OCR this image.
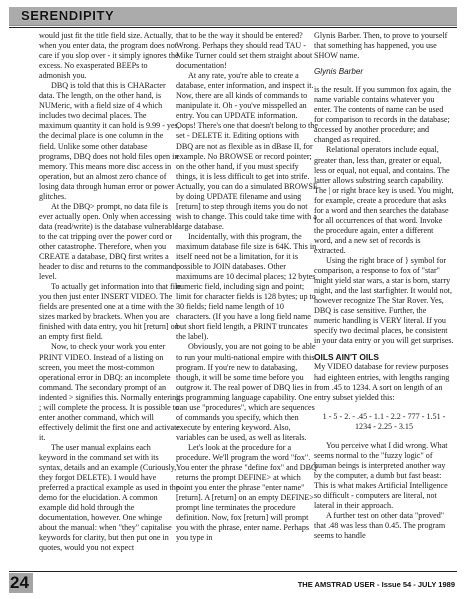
SERENDIPITY

would just fit the title field size. Actually, when you enter data, the program does not care if you slop over - it simply ignores the excess. No exasperated BEEPs to admonish you.

DBQ is told that this is CHARacter data. The length, on the other hand, is NUMeric, with a field size of 4 which includes two decimal places. The maximum quantity it can hold is 9.99 - yes, the decimal place is one column in the field. Unlike some other database programs, DBQ does not hold files open in memory. This means more disc access in operation, but an almost zero chance of losing data through human error or power glitches.

At the DBQ> prompt, no data file is ever actually open. Only when accessing data (read/write) is the database vulnerable to the cat tripping over the power cord or other catastrophe. Therefore, when you CREATE a database, DBQ first writes a header to disc and returns to the command level.

To actually get information into that file you then just enter INSERT VIDEO. The fields are presented one at a time with the sizes marked by brackets. When you are finished with data entry, you hit [return] on an empty first field.

Now, to check your work you enter PRINT VIDEO. Instead of a listing on screen, you meet the most-common operational error in DBQ: an incomplete command. The secondary prompt of an indented > signifies this. Normally entering ; will complete the process. It is possible to enter another command, which will effectively delimit the first one and activate it.

The user manual explains each keyword in the command set with its syntax, details and an example (Curiously, they forgot DELETE). I would have preferred a practical example as used in the demo for the elucidation. A common example did hold through the documentation, however. One whinge about the manual: when "they" capitalise keywords for clarity, but then put one in quotes, would you not expect

that to be the way it should be entered? Wrong. Perhaps they should read TAU - Mike Turner could set them straight about documentation!

At any rate, you're able to create a database, enter information, and inspect it. Now, there are all kinds of commands to manipulate it. Oh - you've misspelled an entry. You can UPDATE information. Oops! There's one that doesn't belong to the set - DELETE it. Editing options with DBQ are not as flexible as in dBase II, for example. No BROWSE or record pointer; on the other hand, if you must specify things, it is less difficult to get into strife. Actually, you can do a simulated BROWSE by doing UPDATE filename and using [return] to step through items you do not wish to change. This could take time with a large database.

Incidentally, with this program, the maximum database file size is 64K. This in itself need not be a limitation, for it is possible to JOIN databases. Other maximums are 10 decimal places; 12 bytes numeric field, including sign and point; limit for character fields is 128 bytes; up to 30 fields; field name length of 10 characters. (If you have a long field name but short field length, a PRINT truncates the label).

Obviously, you are not going to be able to run your multi-national empire with this program. If you're new to databasing, though, it will be some time before you outgrow it. The real power of DBQ lies in its programming language capability. One can use "procedures", which are sequences of commands you specify, which then execute by entering keyword. Also, variables can be used, as well as literals.

Let's look at the procedure for a procedure. We'll program the word "fox". You enter the phrase "define fox" and DBQ returns the prompt DEFINE> at which point you enter the phrase "enter name" [return]. A [return] on an empty DEFINE> prompt line terminates the procedure definition. Now, fox [return] will prompt you with the phrase, enter name. Perhaps you type in

Glynis Barber. Then, to prove to yourself that something has happened, you use SHOW name.

Glynis Barber

is the result. If you summon fox again, the name variable contains whatever you enter. The contents of name can be used for comparison to records in the database; accessed by another procedure; and changed as required.

Relational operators include equal, greater than, less than, greater or equal, less or equal, not equal, and contains. The latter allows substring search capability. The | or right brace key is used. You might, for example, create a procedure that asks for a word and then searches the database for all occurrences of that word. Invoke the procedure again, enter a different word, and a new set of records is extracted.

Using the right brace of } symbol for comparison, a response to fox of "star" might yield star wars, a star is born, starry night, and the last starfighter. It would not, however recognize The Star Rover. Yes, DBQ is case sensitive. Further, the numeric handling is VERY literal. If you specify two decimal places, be consistent in your data entry or you will get surprises.

OILS AIN'T OILS

My VIDEO database for review purposes had eighteen entries, with lengths ranging from .45 to 1234. A sort on length of an entry subset yielded this:

1 - 5 - 2. - .45 - 1.1 - 2.2 - 777 - 1.51 - 1234 - 2.25 - 3.15

You perceive what I did wrong. What seems normal to the "fuzzy logic" of human beings is interpreted another way by the computer, a dumb but fast beast: This is what makes Artificial Intelligence so difficult - computers are literal, not lateral in their approach.

A further test on other data "proved" that .48 was less than 0.45. The program seems to handle

24	THE AMSTRAD USER - Issue 54 - JULY 1989
